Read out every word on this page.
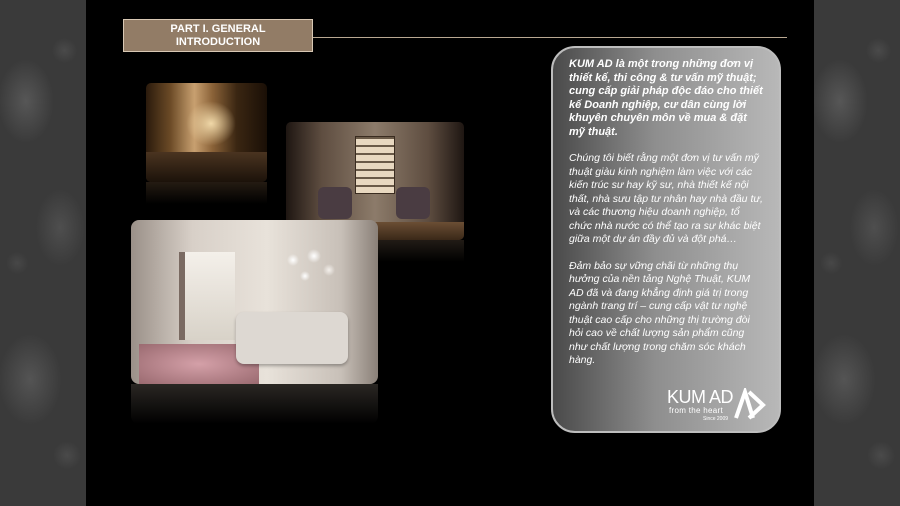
PART I. GENERAL
INTRODUCTION

KUM AD là một trong những đơn vị thiết kế, thi công & tư vấn mỹ thuật; cung cấp giải pháp độc đáo cho thiết kế Doanh nghiệp, cư dân cùng lời khuyên chuyên môn về mua & đặt mỹ thuật.

Chúng tôi biết rằng một đơn vị tư vấn mỹ thuật giàu kinh nghiệm làm việc với các kiến trúc sư hay kỹ sư, nhà thiết kế nội thất, nhà sưu tập tư nhân hay nhà đầu tư, và các thương hiệu doanh nghiệp, tổ chức nhà nước có thể tạo ra sự khác biệt giữa một dự án đầy đủ và đột phá…

Đảm bảo sự vững chãi từ những thụ hưởng của nền tảng Nghệ Thuật, KUM AD đã và đang khẳng định giá trị trong ngành trang trí – cung cấp vật tư nghệ thuật cao cấp cho những thị trường đòi hỏi cao về chất lượng sản phẩm cũng như chất lượng trong chăm sóc khách hàng.

KUM AD
from the heart
Since 2009
